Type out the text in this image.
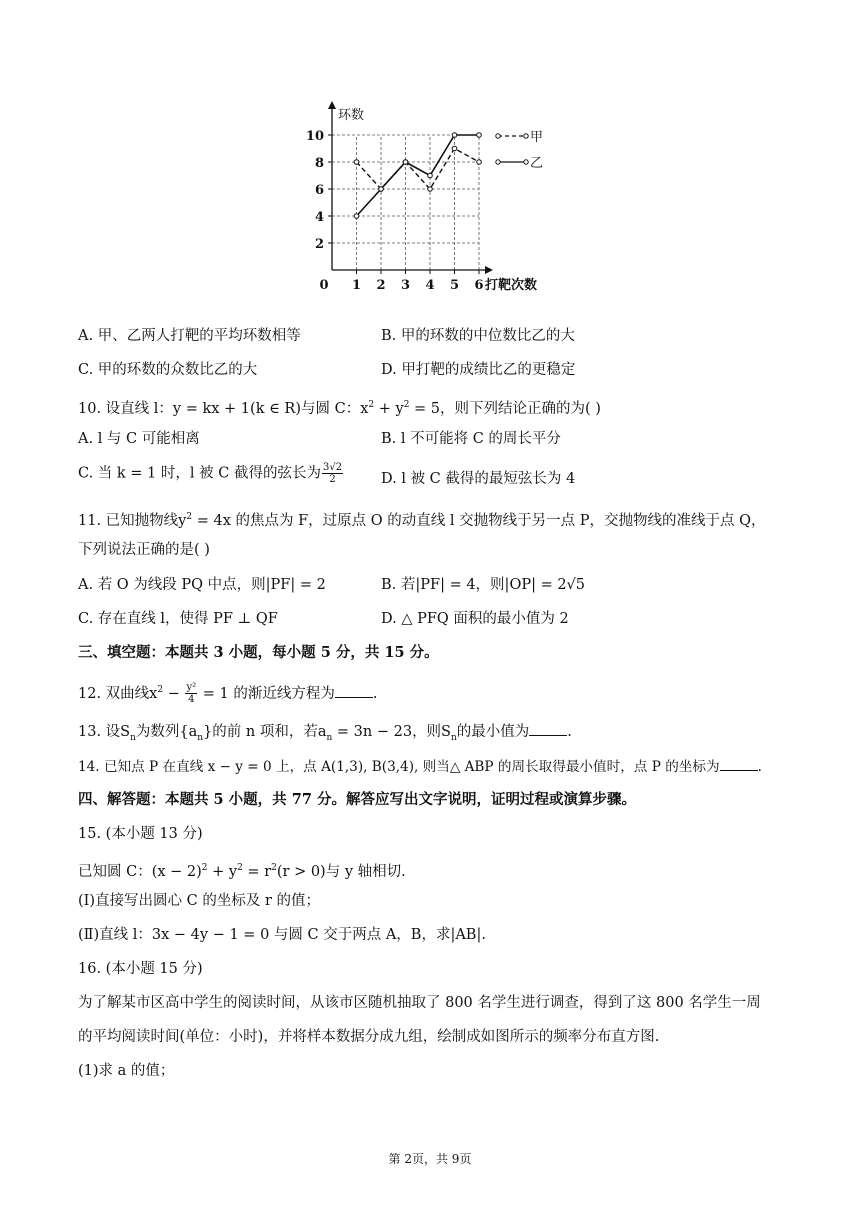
甲
乙
环数
2
4
6
8
10
0 1 2 3 4 5 6 打靶次数
A. 甲、乙两人打靶的平均环数相等	B. 甲的环数的中位数比乙的大
C. 甲的环数的众数比乙的大	D. 甲打靶的成绩比乙的更稳定
10. 设直线 l：y = kx + 1(k ∈ R)与圆 C：$x^2 + y^2 = 5$，则下列结论正确的为( )
A. l 与 C 可能相离	B. l 不可能将 C 的周长平分
C. 当 k = 1 时，l 被 C 截得的弦长为 $\frac{3√2}{2}$	D. l 被 C 截得的最短弦长为 4
11. 已知抛物线$y^2 = 4x$ 的焦点为 F，过原点 O 的动直线 l 交抛物线于另一点 P，交抛物线的准线于点 Q，
下列说法正确的是( )
A. 若 O 为线段 PQ 中点，则|PF| = 2	B. 若|PF| = 4，则|OP| = 2√5
C. 存在直线 l，使得 PF ⊥ QF	D. △ PFQ 面积的最小值为 2
三、填空题：本题共 3 小题，每小题 5 分，共 15 分。
12. 双曲线$x^2 - \frac{\text{y²}}{4} = 1$ 的渐近线方程为	.
13. 设$S_n$为数列$\{a_n\}$的前 n 项和，若$a_n = 3n - 23$，则$S_n$的最小值为	.
14. 已知点 P 在直线 x − y = 0 上，点 A(1,3), B(3,4), 则当△ ABP 的周长取得最小值时，点 P 的坐标为	.
四、解答题：本题共 5 小题，共 77 分。解答应写出文字说明，证明过程或演算步骤。
15. (本小题 13 分)
已知圆 C：$(x - 2)^2 + y^2 = r^2(r > 0)$与 y 轴相切.
(Ⅰ)直接写出圆心 C 的坐标及 r 的值；
(Ⅱ)直线 l：3x − 4y − 1 = 0 与圆 C 交于两点 A，B，求|AB|.
16. (本小题 15 分)
为了解某市区高中学生的阅读时间，从该市区随机抽取了 800 名学生进行调查，得到了这 800 名学生一周
的平均阅读时间(单位：小时)，并将样本数据分成九组，绘制成如图所示的频率分布直方图.
(1)求 a 的值；
第 2页，共 9页
